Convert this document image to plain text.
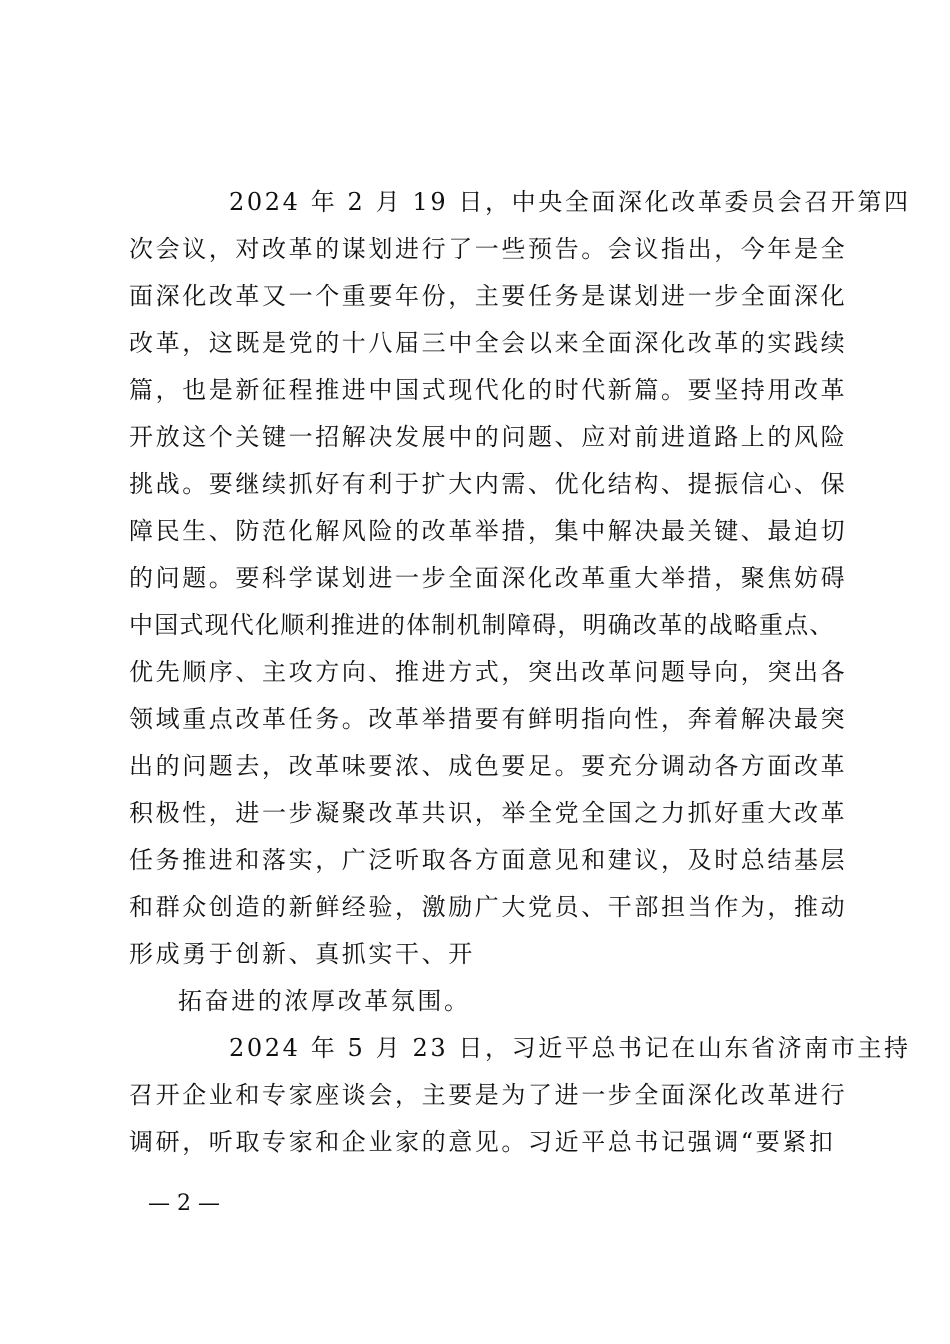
2024 年 2 月 19 日，中央全面深化改革委员会召开第四
次会议，对改革的谋划进行了一些预告。会议指出，今年是全
面深化改革又一个重要年份，主要任务是谋划进一步全面深化
改革，这既是党的十八届三中全会以来全面深化改革的实践续
篇，也是新征程推进中国式现代化的时代新篇。要坚持用改革
开放这个关键一招解决发展中的问题、应对前进道路上的风险
挑战。要继续抓好有利于扩大内需、优化结构、提振信心、保
障民生、防范化解风险的改革举措，集中解决最关键、最迫切
的问题。要科学谋划进一步全面深化改革重大举措，聚焦妨碍
中国式现代化顺利推进的体制机制障碍，明确改革的战略重点、
优先顺序、主攻方向、推进方式，突出改革问题导向，突出各
领域重点改革任务。改革举措要有鲜明指向性，奔着解决最突
出的问题去，改革味要浓、成色要足。要充分调动各方面改革
积极性，进一步凝聚改革共识，举全党全国之力抓好重大改革
任务推进和落实，广泛听取各方面意见和建议，及时总结基层
和群众创造的新鲜经验，激励广大党员、干部担当作为，推动
形成勇于创新、真抓实干、开
拓奋进的浓厚改革氛围。
2024 年 5 月 23 日，习近平总书记在山东省济南市主持
召开企业和专家座谈会，主要是为了进一步全面深化改革进行
调研，听取专家和企业家的意见。习近平总书记强调“要紧扣
— 2 —
